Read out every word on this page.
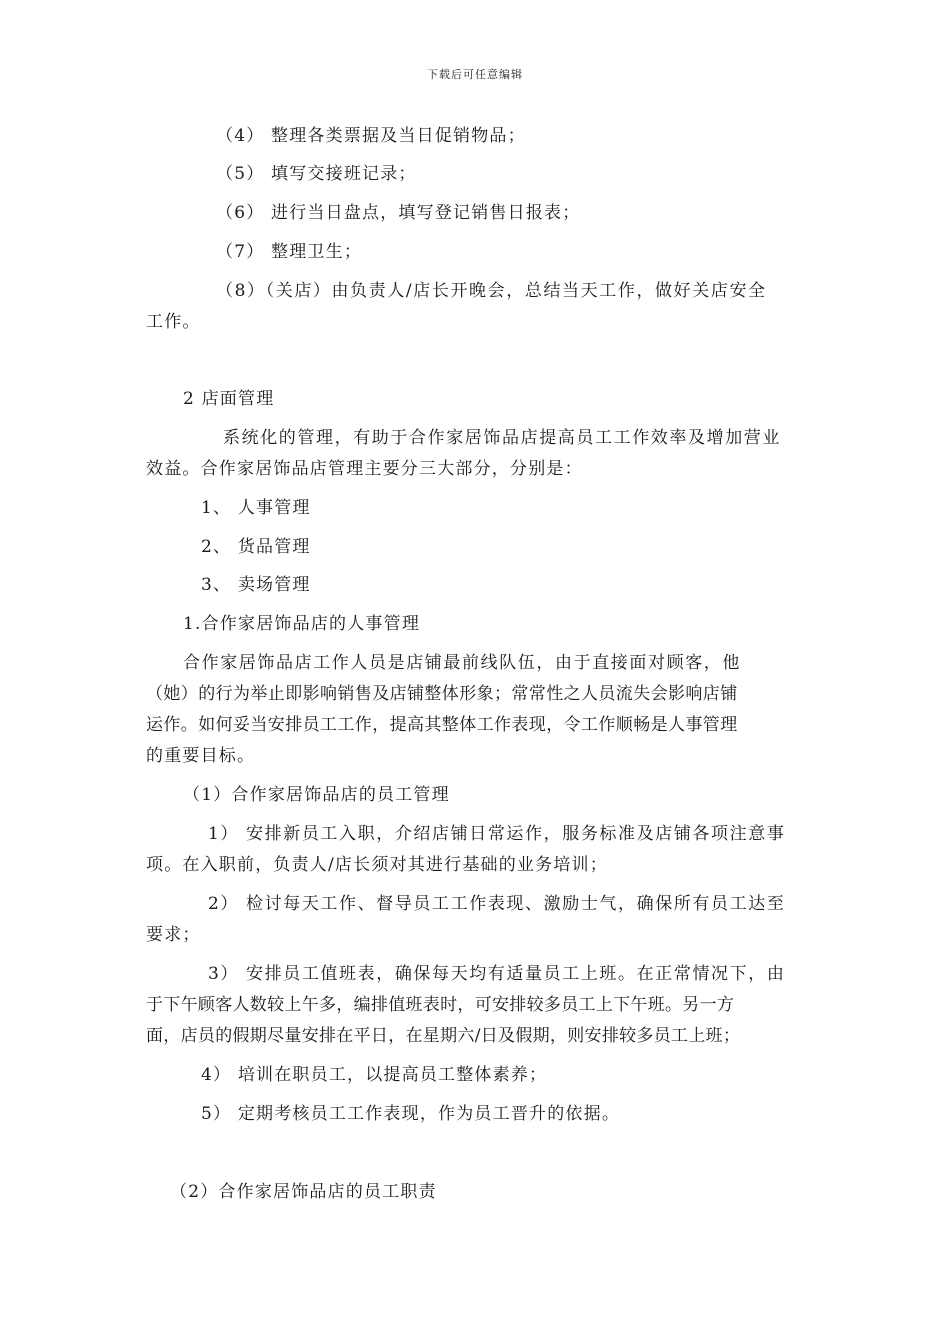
下载后可任意编辑
（4） 整理各类票据及当日促销物品；
（5） 填写交接班记录；
（6） 进行当日盘点，填写登记销售日报表；
（7） 整理卫生；
（8）（关店）由负责人/店长开晚会，总结当天工作，做好关店安全
工作。
2 店面管理
系统化的管理，有助于合作家居饰品店提高员工工作效率及增加营业
效益。合作家居饰品店管理主要分三大部分，分别是：
1、 人事管理
2、 货品管理
3、 卖场管理
1.合作家居饰品店的人事管理
合作家居饰品店工作人员是店铺最前线队伍，由于直接面对顾客，他
（她）的行为举止即影响销售及店铺整体形象；常常性之人员流失会影响店铺
运作。如何妥当安排员工工作，提高其整体工作表现，令工作顺畅是人事管理
的重要目标。
（1）合作家居饰品店的员工管理
1） 安排新员工入职，介绍店铺日常运作，服务标准及店铺各项注意事
项。在入职前，负责人/店长须对其进行基础的业务培训；
2） 检讨每天工作、督导员工工作表现、激励士气，确保所有员工达至
要求；
3） 安排员工值班表，确保每天均有适量员工上班。在正常情况下，由
于下午顾客人数较上午多，编排值班表时，可安排较多员工上下午班。另一方
面，店员的假期尽量安排在平日，在星期六/日及假期，则安排较多员工上班；
4） 培训在职员工，以提高员工整体素养；
5） 定期考核员工工作表现，作为员工晋升的依据。
（2）合作家居饰品店的员工职责
